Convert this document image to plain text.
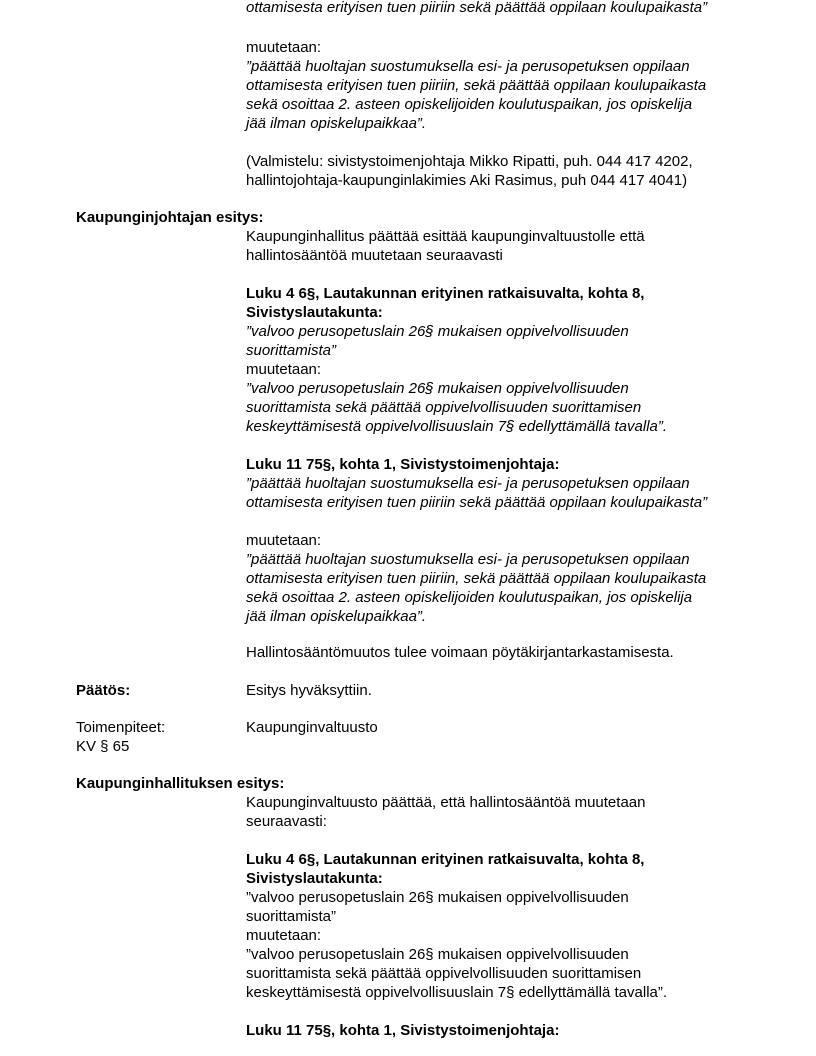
ottamisesta erityisen tuen piiriin sekä päättää oppilaan koulupaikasta”
muutetaan:
”päättää huoltajan suostumuksella esi- ja perusopetuksen oppilaan
ottamisesta erityisen tuen piiriin, sekä päättää oppilaan koulupaikasta
sekä osoittaa 2. asteen opiskelijoiden koulutuspaikan, jos opiskelija
jää ilman opiskelupaikkaa”.
(Valmistelu: sivistystoimenjohtaja Mikko Ripatti, puh. 044 417 4202,
hallintojohtaja-kaupunginlakimies Aki Rasimus, puh 044 417 4041)
Kaupunginjohtajan esitys:
Kaupunginhallitus päättää esittää kaupunginvaltuustolle että
hallintosääntöä muutetaan seuraavasti
Luku 4 6§, Lautakunnan erityinen ratkaisuvalta, kohta 8,
Sivistyslautakunta:
”valvoo perusopetuslain 26§ mukaisen oppivelvollisuuden
suorittamista”
muutetaan:
”valvoo perusopetuslain 26§ mukaisen oppivelvollisuuden
suorittamista sekä päättää oppivelvollisuuden suorittamisen
keskeyttämisestä oppivelvollisuuslain 7§ edellyttämällä tavalla”.
Luku 11 75§, kohta 1, Sivistystoimenjohtaja:
”päättää huoltajan suostumuksella esi- ja perusopetuksen oppilaan
ottamisesta erityisen tuen piiriin sekä päättää oppilaan koulupaikasta”
muutetaan:
”päättää huoltajan suostumuksella esi- ja perusopetuksen oppilaan
ottamisesta erityisen tuen piiriin, sekä päättää oppilaan koulupaikasta
sekä osoittaa 2. asteen opiskelijoiden koulutuspaikan, jos opiskelija
jää ilman opiskelupaikkaa”.
Hallintosääntömuutos tulee voimaan pöytäkirjantarkastamisesta.
Päätös:	Esitys hyväksyttiin.
Toimenpiteet:	Kaupunginvaltuusto
KV § 65
Kaupunginhallituksen esitys:
Kaupunginvaltuusto päättää, että hallintosääntöä muutetaan
seuraavasti:
Luku 4 6§, Lautakunnan erityinen ratkaisuvalta, kohta 8,
Sivistyslautakunta:
”valvoo perusopetuslain 26§ mukaisen oppivelvollisuuden
suorittamista”
muutetaan:
”valvoo perusopetuslain 26§ mukaisen oppivelvollisuuden
suorittamista sekä päättää oppivelvollisuuden suorittamisen
keskeyttämisestä oppivelvollisuuslain 7§ edellyttämällä tavalla”.
Luku 11 75§, kohta 1, Sivistystoimenjohtaja:
